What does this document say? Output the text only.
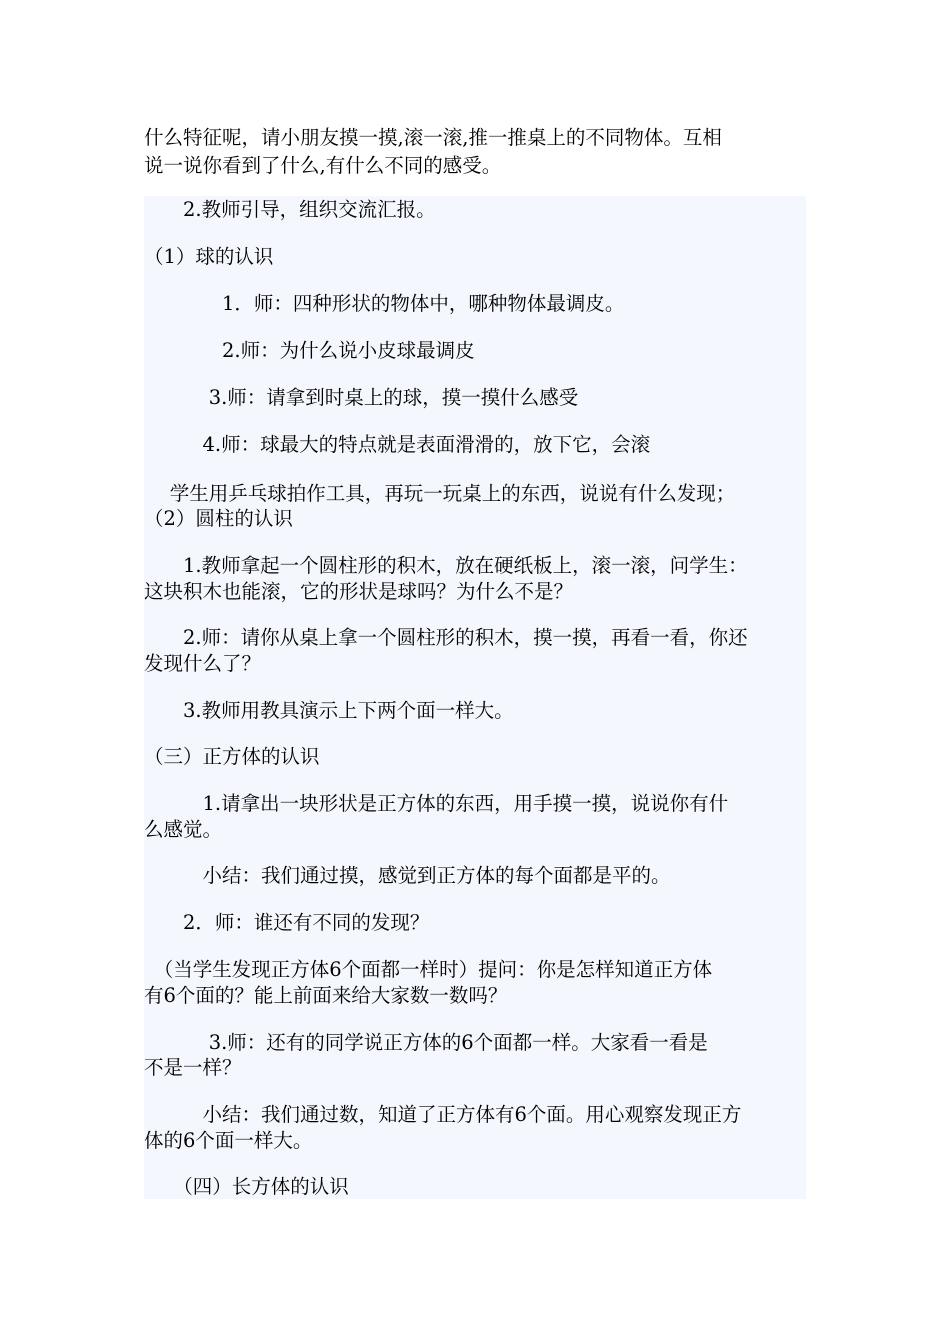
什么特征呢，请小朋友摸一摸,滚一滚,推一推桌上的不同物体。互相
说一说你看到了什么,有什么不同的感受。
　　2.教师引导，组织交流汇报。
（1）球的认识
　　　　1．师：四种形状的物体中，哪种物体最调皮。
　　　　2.师：为什么说小皮球最调皮
　　　 3.师：请拿到时桌上的球，摸一摸什么感受
　　　4.师：球最大的特点就是表面滑滑的，放下它，会滚
　 学生用乒乓球拍作工具，再玩一玩桌上的东西，说说有什么发现；
（2）圆柱的认识
　　1.教师拿起一个圆柱形的积木，放在硬纸板上，滚一滚，问学生：
这块积木也能滚，它的形状是球吗？为什么不是？
　　2.师：请你从桌上拿一个圆柱形的积木，摸一摸，再看一看，你还
发现什么了？
　　3.教师用教具演示上下两个面一样大。
（三）正方体的认识
　　　1.请拿出一块形状是正方体的东西，用手摸一摸，说说你有什
么感觉。
　　　小结：我们通过摸，感觉到正方体的每个面都是平的。
　　2．师：谁还有不同的发现？
　（当学生发现正方体6个面都一样时）提问：你是怎样知道正方体
有6个面的？能上前面来给大家数一数吗？
　　　 3.师：还有的同学说正方体的6个面都一样。大家看一看是
不是一样？
　　　小结：我们通过数，知道了正方体有6个面。用心观察发现正方
体的6个面一样大。
　　（四）长方体的认识
